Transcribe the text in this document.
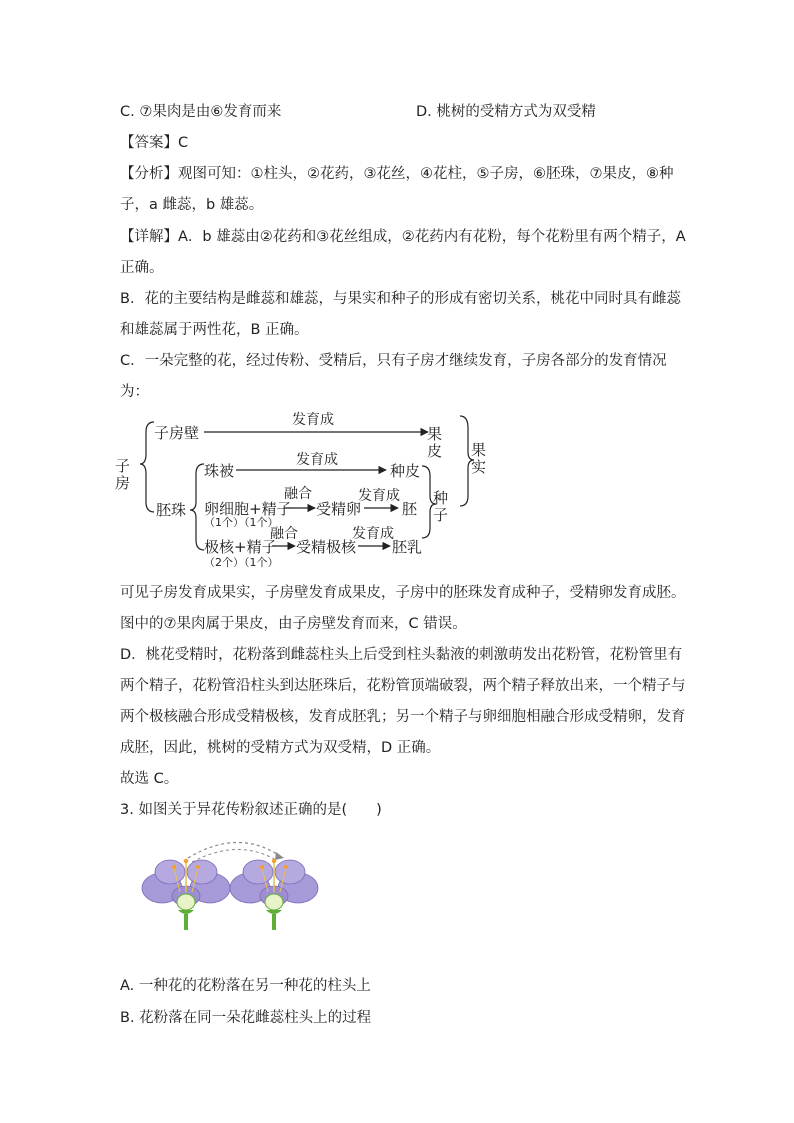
C. ⑦果肉是由⑥发育而来	D. 桃树的受精方式为双受精
【答案】C
【分析】观图可知：①柱头，②花药，③花丝，④花柱，⑤子房，⑥胚珠，⑦果皮，⑧种
子，a 雌蕊，b 雄蕊。
【详解】A．b 雄蕊由②花药和③花丝组成，②花药内有花粉，每个花粉里有两个精子，A
正确。
B．花的主要结构是雌蕊和雄蕊，与果实和种子的形成有密切关系，桃花中同时具有雌蕊
和雄蕊属于两性花，B 正确。
C．一朵完整的花，经过传粉、受精后，只有子房才继续发育，子房各部分的发育情况
为：
子房
子房壁
发育成
果皮
胚珠
珠被
发育成
种皮
卵细胞+精子
（1个）（1个）
融合
受精卵
发育成
胚
极核+精子
（2个）（1个）
融合
受精极核
发育成
胚乳
种子
果实
可见子房发育成果实，子房壁发育成果皮，子房中的胚珠发育成种子，受精卵发育成胚。
图中的⑦果肉属于果皮，由子房壁发育而来，C 错误。
D．桃花受精时，花粉落到雌蕊柱头上后受到柱头黏液的刺激萌发出花粉管，花粉管里有
两个精子，花粉管沿柱头到达胚珠后，花粉管顶端破裂，两个精子释放出来，一个精子与
两个极核融合形成受精极核，发育成胚乳；另一个精子与卵细胞相融合形成受精卵，发育
成胚，因此，桃树的受精方式为双受精，D 正确。
故选 C。
3. 如图关于异花传粉叙述正确的是(　　)
A. 一种花的花粉落在另一种花的柱头上
B. 花粉落在同一朵花雌蕊柱头上的过程
